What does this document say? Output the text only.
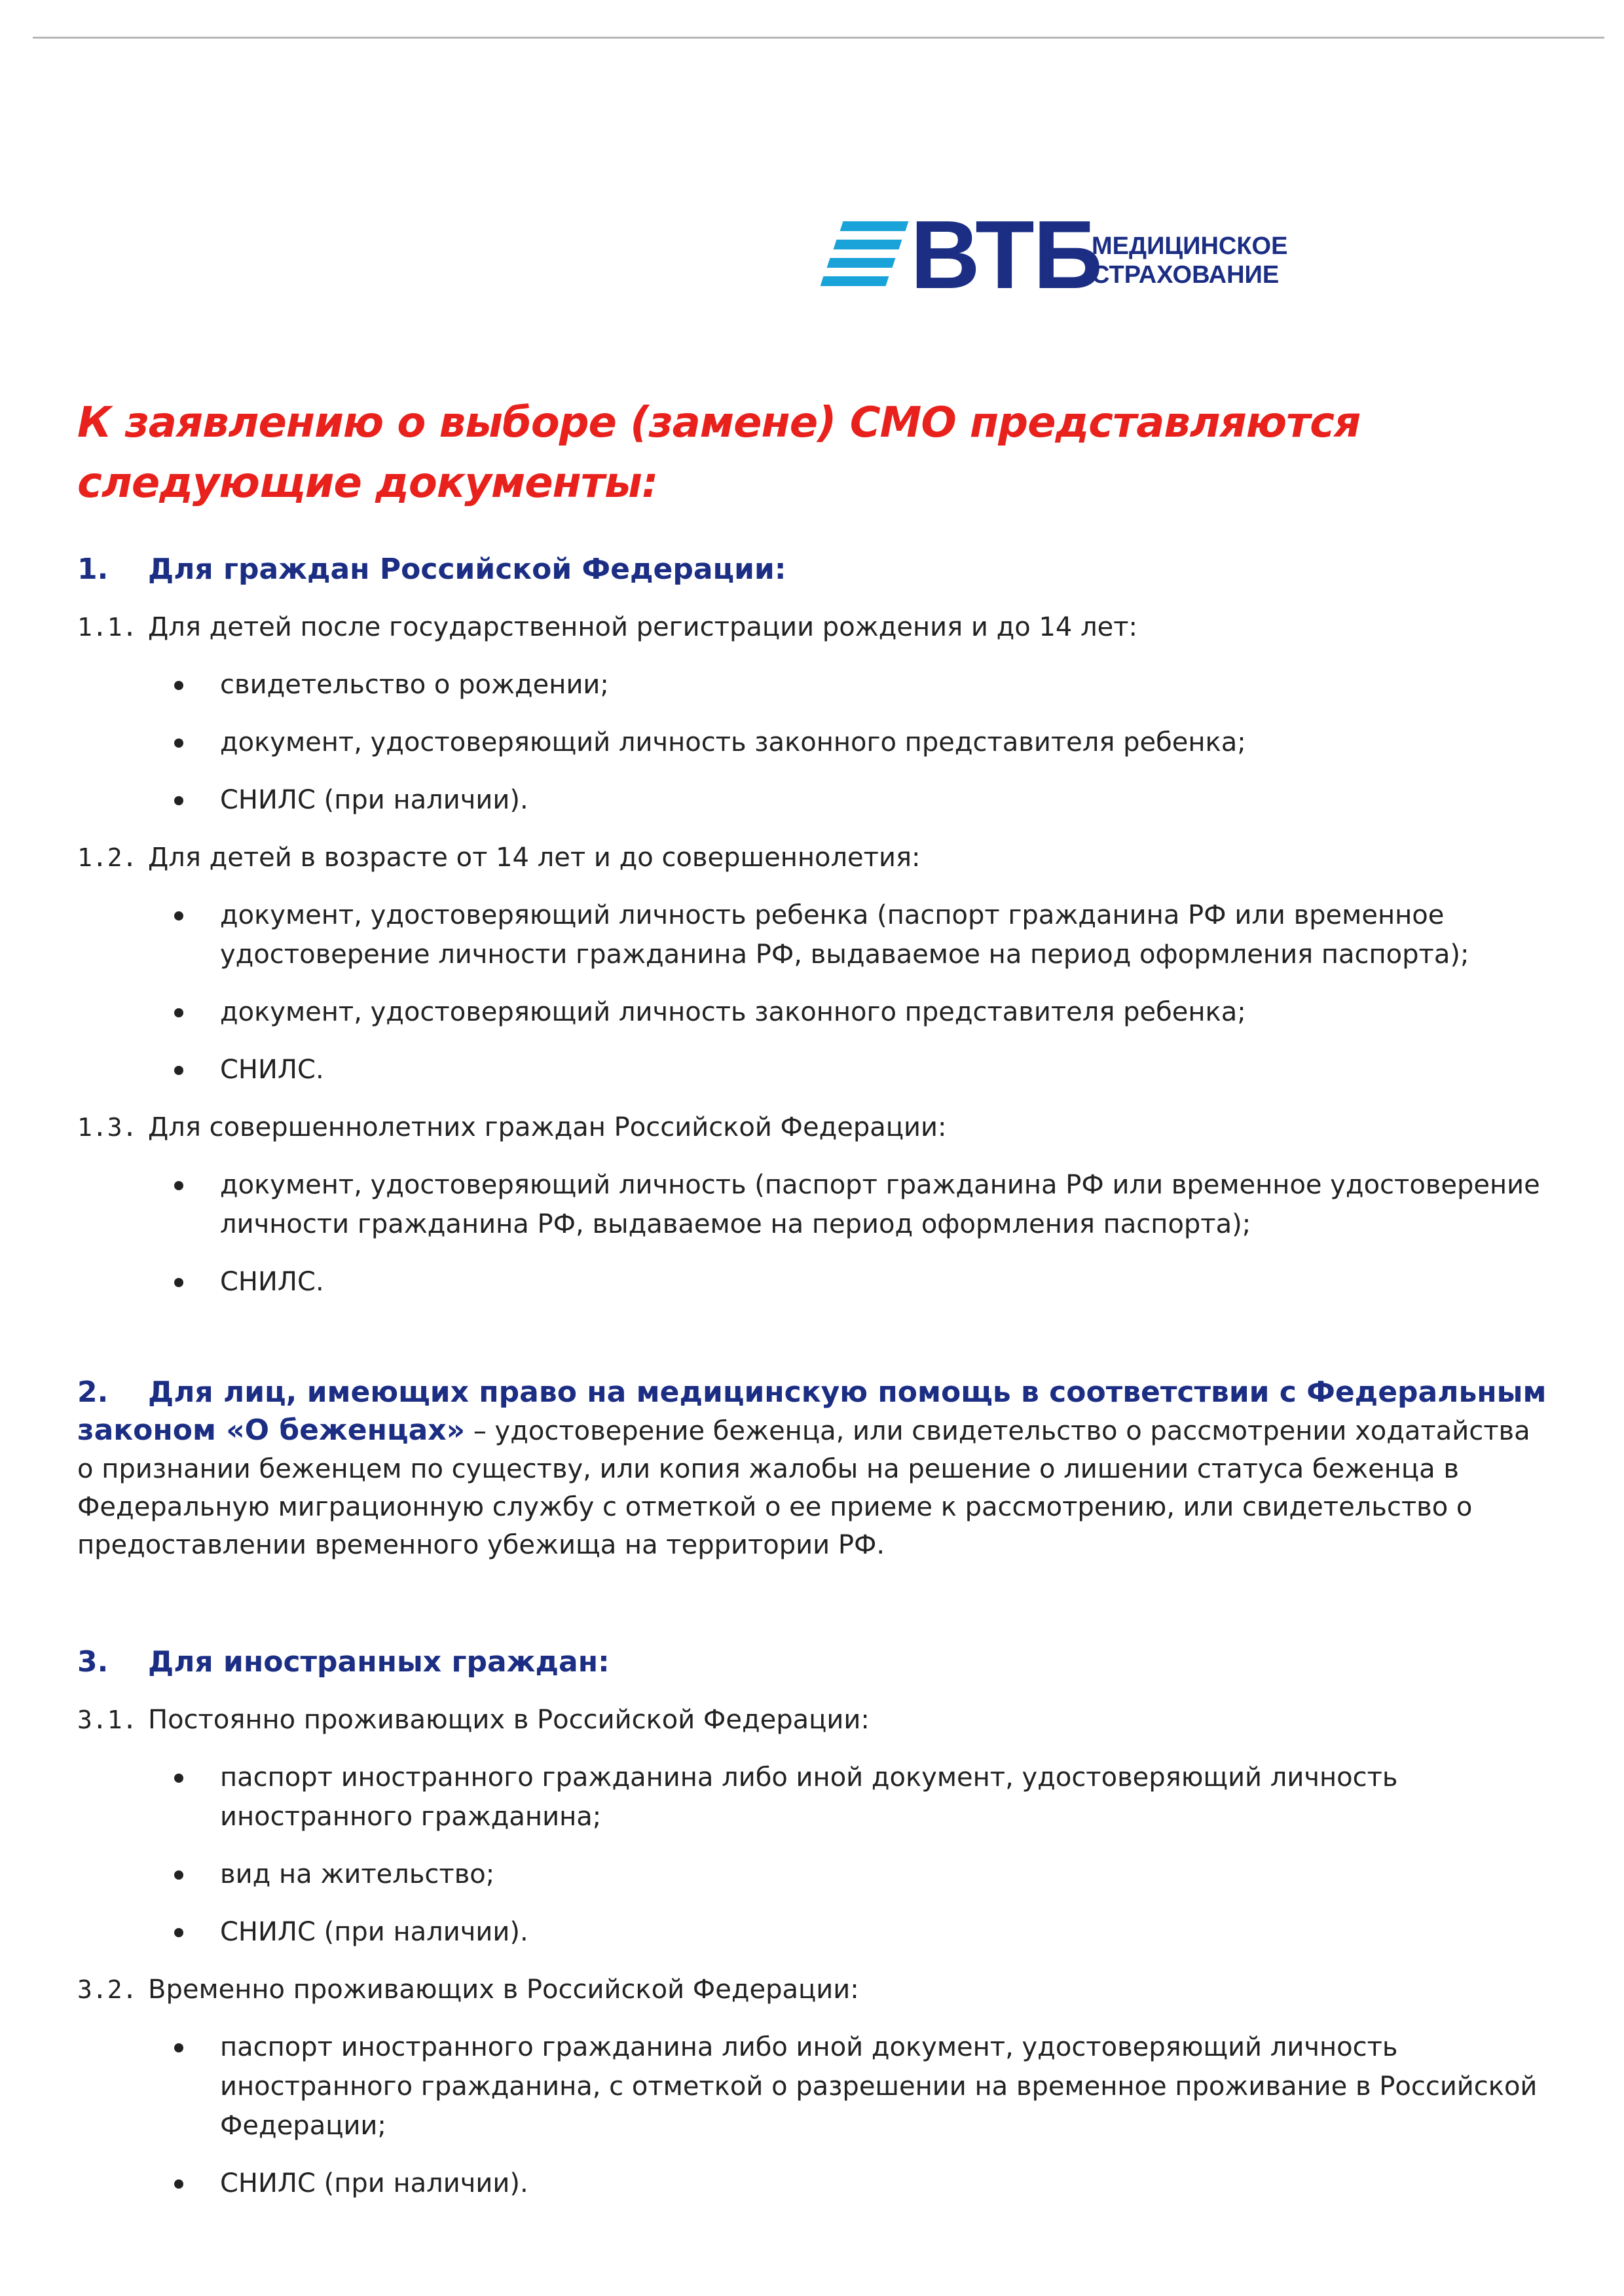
ВТБ
МЕДИЦИНСКОЕ
СТРАХОВАНИЕ
К заявлению о выборе (замене) СМО представляются
следующие документы:
1. Для граждан Российской Федерации:
1.1. Для детей после государственной регистрации рождения и до 14 лет:
свидетельство о рождении;
документ, удостоверяющий личность законного представителя ребенка;
СНИЛС (при наличии).
1.2. Для детей в возрасте от 14 лет и до совершеннолетия:
документ, удостоверяющий личность ребенка (паспорт гражданина РФ или временное
удостоверение личности гражданина РФ, выдаваемое на период оформления паспорта);
документ, удостоверяющий личность законного представителя ребенка;
СНИЛС.
1.3. Для совершеннолетних граждан Российской Федерации:
документ, удостоверяющий личность (паспорт гражданина РФ или временное удостоверение
личности гражданина РФ, выдаваемое на период оформления паспорта);
СНИЛС.
2. Для лиц, имеющих право на медицинскую помощь в соответствии с Федеральным
законом «О беженцах» – удостоверение беженца, или свидетельство о рассмотрении ходатайства
о признании беженцем по существу, или копия жалобы на решение о лишении статуса беженца в
Федеральную миграционную службу с отметкой о ее приеме к рассмотрению, или свидетельство о
предоставлении временного убежища на территории РФ.
3. Для иностранных граждан:
3.1. Постоянно проживающих в Российской Федерации:
паспорт иностранного гражданина либо иной документ, удостоверяющий личность
иностранного гражданина;
вид на жительство;
СНИЛС (при наличии).
3.2. Временно проживающих в Российской Федерации:
паспорт иностранного гражданина либо иной документ, удостоверяющий личность
иностранного гражданина, с отметкой о разрешении на временное проживание в Российской
Федерации;
СНИЛС (при наличии).
